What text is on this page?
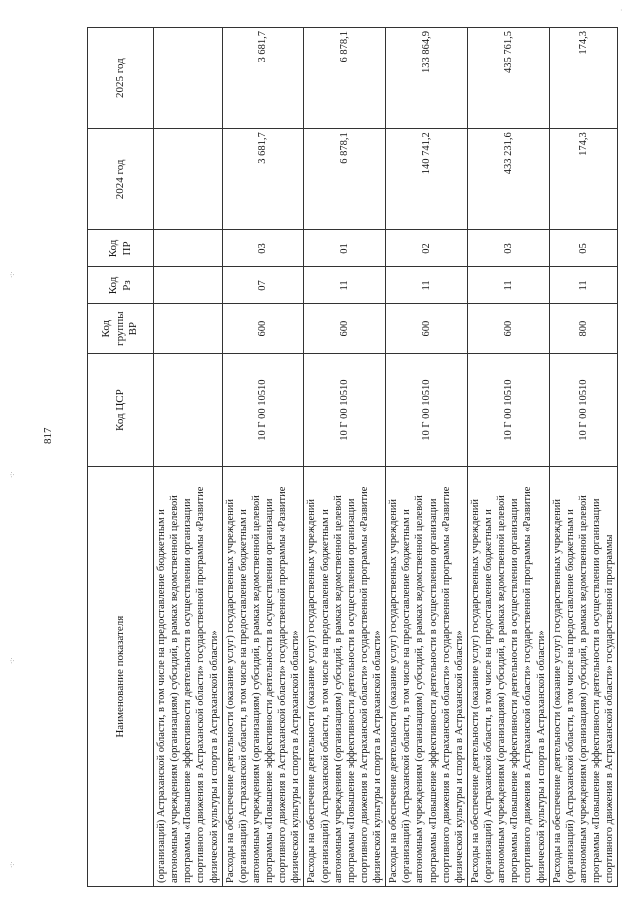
817
Наименование показателя	Код ЦСР	Код группы ВР	Код Рз	Код ПР	2024 год	2025 год
(организаций) Астраханской области, в том числе на предоставление бюджетным и автономным учреждениям (организациям) субсидий, в рамках ведомственной целевой программы «Повышение эффективности деятельности в осуществлении организации спортивного движения в Астраханской области» государственной программы «Развитие физической культуры и спорта в Астраханской области»						
Расходы на обеспечение деятельности (оказание услуг) государственных учреждений (организаций) Астраханской области, в том числе на предоставление бюджетным и автономным учреждениям (организациям) субсидий, в рамках ведомственной целевой программы «Повышение эффективности деятельности в осуществлении организации спортивного движения в Астраханской области» государственной программы «Развитие физической культуры и спорта в Астраханской области»	10 Г 00 10510	600	07	03	3 681,7	3 681,7
Расходы на обеспечение деятельности (оказание услуг) государственных учреждений (организаций) Астраханской области, в том числе на предоставление бюджетным и автономным учреждениям (организациям) субсидий, в рамках ведомственной целевой программы «Повышение эффективности деятельности в осуществлении организации спортивного движения в Астраханской области» государственной программы «Развитие физической культуры и спорта в Астраханской области»	10 Г 00 10510	600	11	01	6 878,1	6 878,1
Расходы на обеспечение деятельности (оказание услуг) государственных учреждений (организаций) Астраханской области, в том числе на предоставление бюджетным и автономным учреждениям (организациям) субсидий, в рамках ведомственной целевой программы «Повышение эффективности деятельности в осуществлении организации спортивного движения в Астраханской области» государственной программы «Развитие физической культуры и спорта в Астраханской области»	10 Г 00 10510	600	11	02	140 741,2	133 864,9
Расходы на обеспечение деятельности (оказание услуг) государственных учреждений (организаций) Астраханской области, в том числе на предоставление бюджетным и автономным учреждениям (организациям) субсидий, в рамках ведомственной целевой программы «Повышение эффективности деятельности в осуществлении организации спортивного движения в Астраханской области» государственной программы «Развитие физической культуры и спорта в Астраханской области»	10 Г 00 10510	600	11	03	433 231,6	435 761,5
Расходы на обеспечение деятельности (оказание услуг) государственных учреждений (организаций) Астраханской области, в том числе на предоставление бюджетным и автономным учреждениям (организациям) субсидий, в рамках ведомственной целевой программы «Повышение эффективности деятельности в осуществлении организации спортивного движения в Астраханской области» государственной программы	10 Г 00 10510	800	11	05	174,3	174,3
·:·
·:·
·:·
·:·
·
